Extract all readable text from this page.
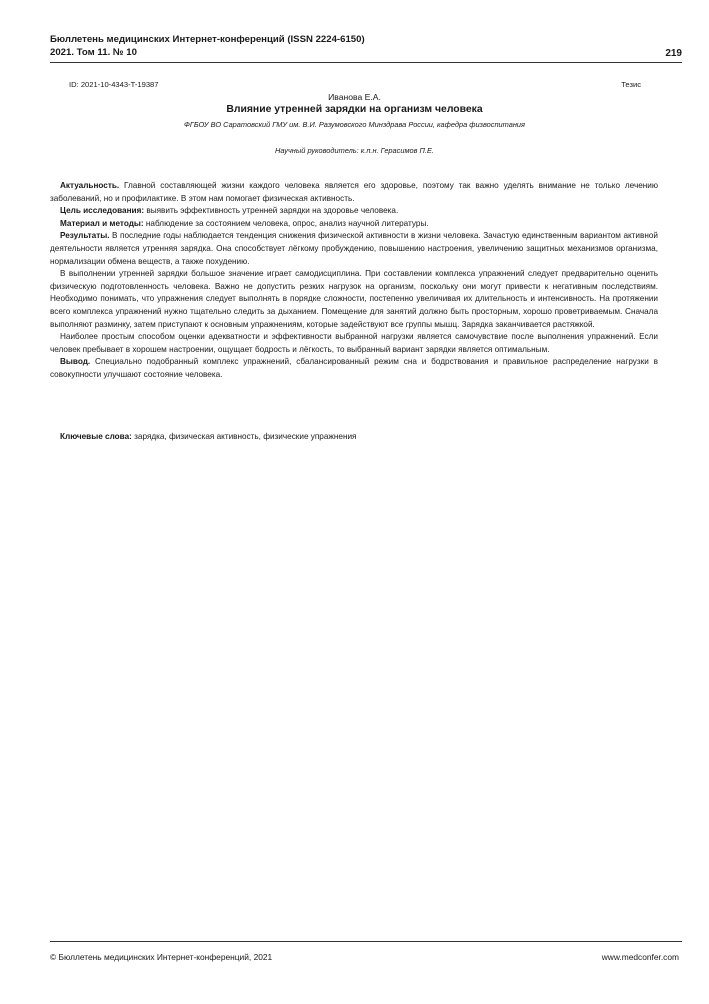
Бюллетень медицинских Интернет-конференций (ISSN 2224-6150)
2021. Том 11. № 10	219
ID: 2021-10-4343-T-19387	Тезис
Иванова Е.А.
Влияние утренней зарядки на организм человека
ФГБОУ ВО Саратовский ГМУ им. В.И. Разумовского Минздрава России, кафедра физвоспитания
Научный руководитель: к.п.н. Герасимов П.Е.

Актуальность. Главной составляющей жизни каждого человека является его здоровье, поэтому так важно уделять внимание не только лечению заболеваний, но и профилактике. В этом нам помогает физическая активность.

Цель исследования: выявить эффективность утренней зарядки на здоровье человека.

Материал и методы: наблюдение за состоянием человека, опрос, анализ научной литературы.

Результаты. В последние годы наблюдается тенденция снижения физической активности в жизни человека. Зачастую единственным вариантом активной деятельности является утренняя зарядка. Она способствует лёгкому пробуждению, повышению настроения, увеличению защитных механизмов организма, нормализации обмена веществ, а также похудению.

В выполнении утренней зарядки большое значение играет самодисциплина. При составлении комплекса упражнений следует предварительно оценить физическую подготовленность человека. Важно не допустить резких нагрузок на организм, поскольку они могут привести к негативным последствиям. Необходимо понимать, что упражнения следует выполнять в порядке сложности, постепенно увеличивая их длительность и интенсивность. На протяжении всего комплекса упражнений нужно тщательно следить за дыханием. Помещение для занятий должно быть просторным, хорошо проветриваемым. Сначала выполняют разминку, затем приступают к основным упражнениям, которые задействуют все группы мышц. Зарядка заканчивается растяжкой.

Наиболее простым способом оценки адекватности и эффективности выбранной нагрузки является самочувствие после выполнения упражнений. Если человек пребывает в хорошем настроении, ощущает бодрость и лёгкость, то выбранный вариант зарядки является оптимальным.

Вывод. Специально подобранный комплекс упражнений, сбалансированный режим сна и бодрствования и правильное распределение нагрузки в совокупности улучшают состояние человека.

Ключевые слова: зарядка, физическая активность, физические упражнения
© Бюллетень медицинских Интернет-конференций, 2021	www.medconfer.com
